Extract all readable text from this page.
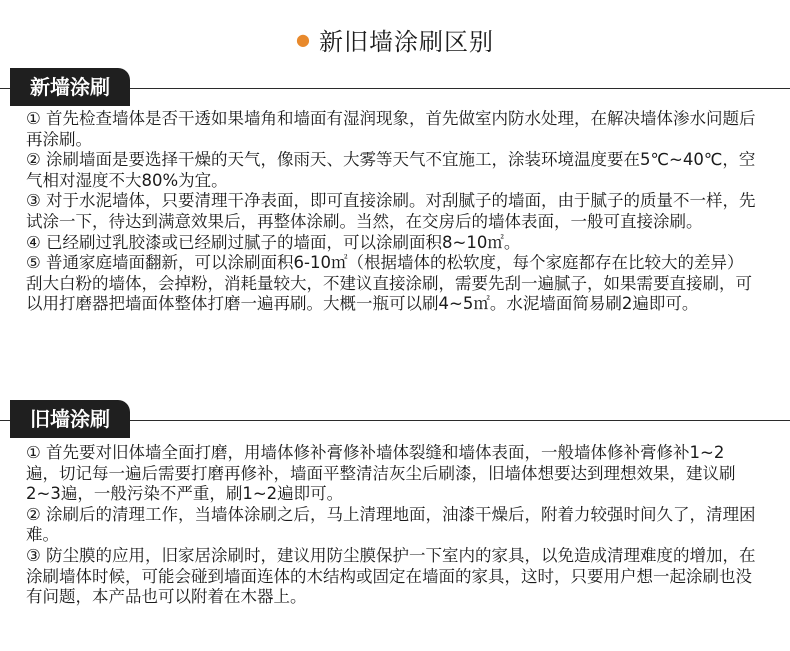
● 新旧墙涂刷区别
新墙涂刷

① 首先检查墙体是否干透如果墙角和墙面有湿润现象，首先做室内防水处理，在解决墙体渗水问题后再涂刷。

② 涂刷墙面是要选择干燥的天气，像雨天、大雾等天气不宜施工，涂装环境温度要在5℃~40℃，空气相对湿度不大80%为宜。

③ 对于水泥墙体，只要清理干净表面，即可直接涂刷。对刮腻子的墙面，由于腻子的质量不一样，先试涂一下，待达到满意效果后，再整体涂刷。当然，在交房后的墙体表面，一般可直接涂刷。

④ 已经刷过乳胶漆或已经刷过腻子的墙面，可以涂刷面积8~10㎡。

⑤ 普通家庭墙面翻新，可以涂刷面积6-10㎡（根据墙体的松软度，每个家庭都存在比较大的差异）刮大白粉的墙体，会掉粉，消耗量较大，不建议直接涂刷，需要先刮一遍腻子，如果需要直接刷，可以用打磨器把墙面体整体打磨一遍再刷。大概一瓶可以刷4~5㎡。水泥墙面简易刷2遍即可。

旧墙涂刷

① 首先要对旧体墙全面打磨，用墙体修补膏修补墙体裂缝和墙体表面，一般墙体修补膏修补1~2遍，切记每一遍后需要打磨再修补，墙面平整清洁灰尘后刷漆，旧墙体想要达到理想效果，建议刷2~3遍，一般污染不严重，刷1~2遍即可。

② 涂刷后的清理工作，当墙体涂刷之后，马上清理地面，油漆干燥后，附着力较强时间久了，清理困难。

③ 防尘膜的应用，旧家居涂刷时，建议用防尘膜保护一下室内的家具，以免造成清理难度的增加，在涂刷墙体时候，可能会碰到墙面连体的木结构或固定在墙面的家具，这时，只要用户想一起涂刷也没有问题，本产品也可以附着在木器上。
